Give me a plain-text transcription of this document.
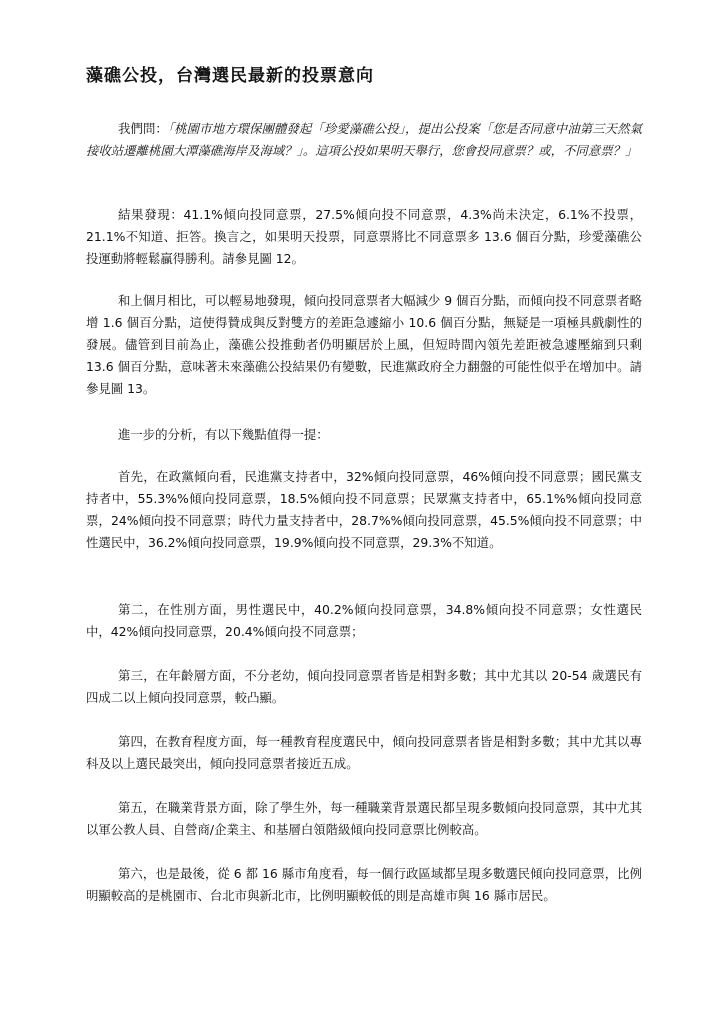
藻礁公投，台灣選民最新的投票意向
我們問：「桃園市地方環保團體發起「珍愛藻礁公投」，提出公投案「您是否同意中油第三天然氣接收站遷離桃園大潭藻礁海岸及海域？」。這項公投如果明天舉行，您會投同意票？或，不同意票？」
結果發現：41.1%傾向投同意票，27.5%傾向投不同意票，4.3%尚未決定，6.1%不投票，21.1%不知道、拒答。換言之，如果明天投票，同意票將比不同意票多 13.6 個百分點，珍愛藻礁公投運動將輕鬆贏得勝利。請參見圖 12。
和上個月相比，可以輕易地發現，傾向投同意票者大幅減少 9 個百分點，而傾向投不同意票者略增 1.6 個百分點，這使得贊成與反對雙方的差距急遽縮小 10.6 個百分點，無疑是一項極具戲劇性的發展。儘管到目前為止，藻礁公投推動者仍明顯居於上風，但短時間內領先差距被急遽壓縮到只剩 13.6 個百分點，意味著未來藻礁公投結果仍有變數，民進黨政府全力翻盤的可能性似乎在增加中。請參見圖 13。
進一步的分析，有以下幾點值得一提：
首先，在政黨傾向看，民進黨支持者中，32%傾向投同意票，46%傾向投不同意票；國民黨支持者中，55.3%%傾向投同意票，18.5%傾向投不同意票；民眾黨支持者中，65.1%%傾向投同意票，24%傾向投不同意票；時代力量支持者中，28.7%%傾向投同意票，45.5%傾向投不同意票；中性選民中，36.2%傾向投同意票，19.9%傾向投不同意票，29.3%不知道。
第二，在性別方面，男性選民中，40.2%傾向投同意票，34.8%傾向投不同意票；女性選民中，42%傾向投同意票，20.4%傾向投不同意票；
第三，在年齡層方面，不分老幼，傾向投同意票者皆是相對多數；其中尤其以 20-54 歲選民有四成二以上傾向投同意票，較凸顯。
第四，在教育程度方面，每一種教育程度選民中，傾向投同意票者皆是相對多數；其中尤其以專科及以上選民最突出，傾向投同意票者接近五成。
第五，在職業背景方面，除了學生外，每一種職業背景選民都呈現多數傾向投同意票，其中尤其以軍公教人員、自營商/企業主、和基層白領階級傾向投同意票比例較高。
第六，也是最後，從 6 都 16 縣市角度看，每一個行政區域都呈現多數選民傾向投同意票，比例明顯較高的是桃園市、台北市與新北市，比例明顯較低的則是高雄市與 16 縣市居民。
